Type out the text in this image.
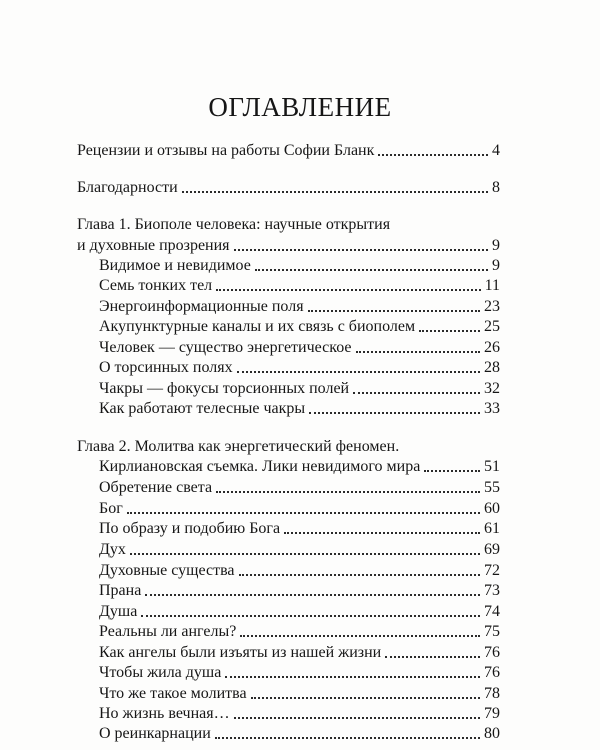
ОГЛАВЛЕНИЕ
Рецензии и отзывы на работы Софии Бланк	4
Благодарности	8
Глава 1. Биополе человека: научные открытия
и духовные прозрения	9
Видимое и невидимое	9
Семь тонких тел	11
Энергоинформационные поля	23
Акупунктурные каналы и их связь с биополем	25
Человек — существо энергетическое	26
О торсинных полях	28
Чакры — фокусы торсионных полей	32
Как работают телесные чакры	33
Глава 2. Молитва как энергетический феномен.
Кирлиановская съемка. Лики невидимого мира	51
Обретение света	55
Бог	60
По образу и подобию Бога	61
Дух	69
Духовные существа	72
Прана	73
Душа	74
Реальны ли ангелы?	75
Как ангелы были изъяты из нашей жизни	76
Чтобы жила душа	76
Что же такое молитва	78
Но жизнь вечная…	79
О реинкарнации	80
